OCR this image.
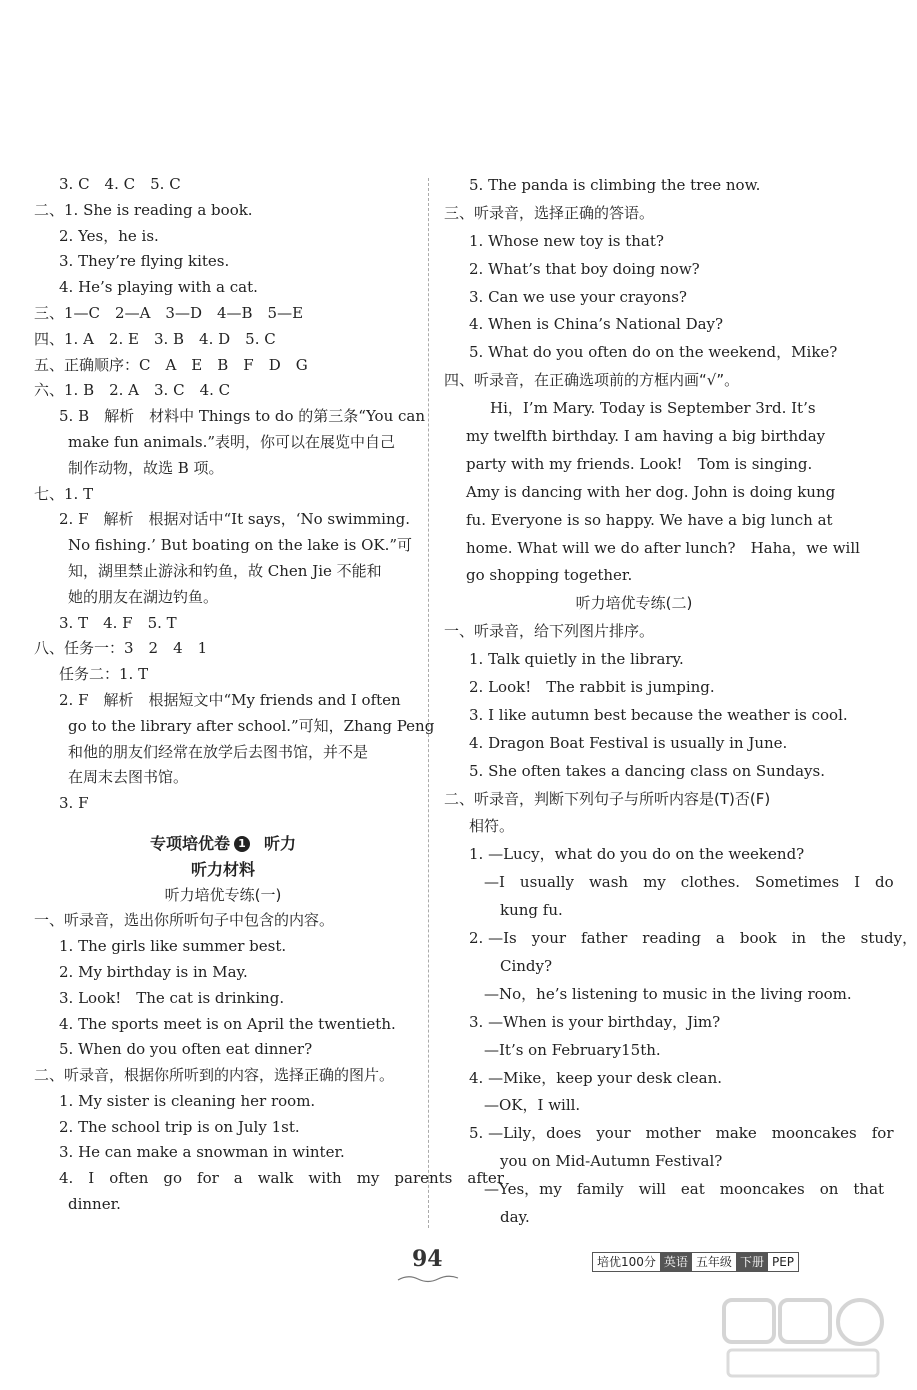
3. C　4. C　5. C
二、1. She is reading a book.
2. Yes，he is.
3. They’re flying kites.
4. He’s playing with a cat.
三、1—C　2—A　3—D　4—B　5—E
四、1. A　2. E　3. B　4. D　5. C
五、正确顺序：C　A　E　B　F　D　G
六、1. B　2. A　3. C　4. C
5. B　解析　材料中 Things to do 的第三条“You can
make fun animals.”表明，你可以在展览中自己
制作动物，故选 B 项。
七、1. T
2. F　解析　根据对话中“It says，‘No swimming.
No fishing.’ But boating on the lake is OK.”可
知，湖里禁止游泳和钓鱼，故 Chen Jie 不能和
她的朋友在湖边钓鱼。
3. T　4. F　5. T
八、任务一：3　2　4　1
任务二：1. T
2. F　解析　根据短文中“My friends and I often
go to the library after school.”可知，Zhang Peng
和他的朋友们经常在放学后去图书馆，并不是
在周末去图书馆。
3. F
专项培优卷 1 听力
听力材料
听力培优专练(一)
一、听录音，选出你所听句子中包含的内容。
1. The girls like summer best.
2. My birthday is in May.
3. Look!　The cat is drinking.
4. The sports meet is on April the twentieth.
5. When do you often eat dinner?
二、听录音，根据你所听到的内容，选择正确的图片。
1. My sister is cleaning her room.
2. The school trip is on July 1st.
3. He can make a snowman in winter.
4.　I　often　go　for　a　walk　with　my　parents　after
dinner.
5. The panda is climbing the tree now.
三、听录音，选择正确的答语。
1. Whose new toy is that?
2. What’s that boy doing now?
3. Can we use your crayons?
4. When is China’s National Day?
5. What do you often do on the weekend，Mike?
四、听录音，在正确选项前的方框内画“√”。
Hi，I’m Mary. Today is September 3rd. It’s
my twelfth birthday. I am having a big birthday
party with my friends. Look!　Tom is singing.
Amy is dancing with her dog. John is doing kung
fu. Everyone is so happy. We have a big lunch at
home. What will we do after lunch?　Haha，we will
go shopping together.
听力培优专练(二)
一、听录音，给下列图片排序。
1. Talk quietly in the library.
2. Look!　The rabbit is jumping.
3. I like autumn best because the weather is cool.
4. Dragon Boat Festival is usually in June.
5. She often takes a dancing class on Sundays.
二、听录音，判断下列句子与所听内容是(T)否(F)
相符。
1. —Lucy，what do you do on the weekend?
—I　usually　wash　my　clothes.　Sometimes　I　do
kung fu.
2. —Is　your　father　reading　a　book　in　the　study，
Cindy?
—No，he’s listening to music in the living room.
3. —When is your birthday，Jim?
—It’s on February15th.
4. —Mike，keep your desk clean.
—OK，I will.
5. —Lily，does　your　mother　make　mooncakes　for
you on Mid-Autumn Festival?
—Yes，my　family　will　eat　mooncakes　on　that
day.
94	培优100分 英语 五年级 下册 PEP
